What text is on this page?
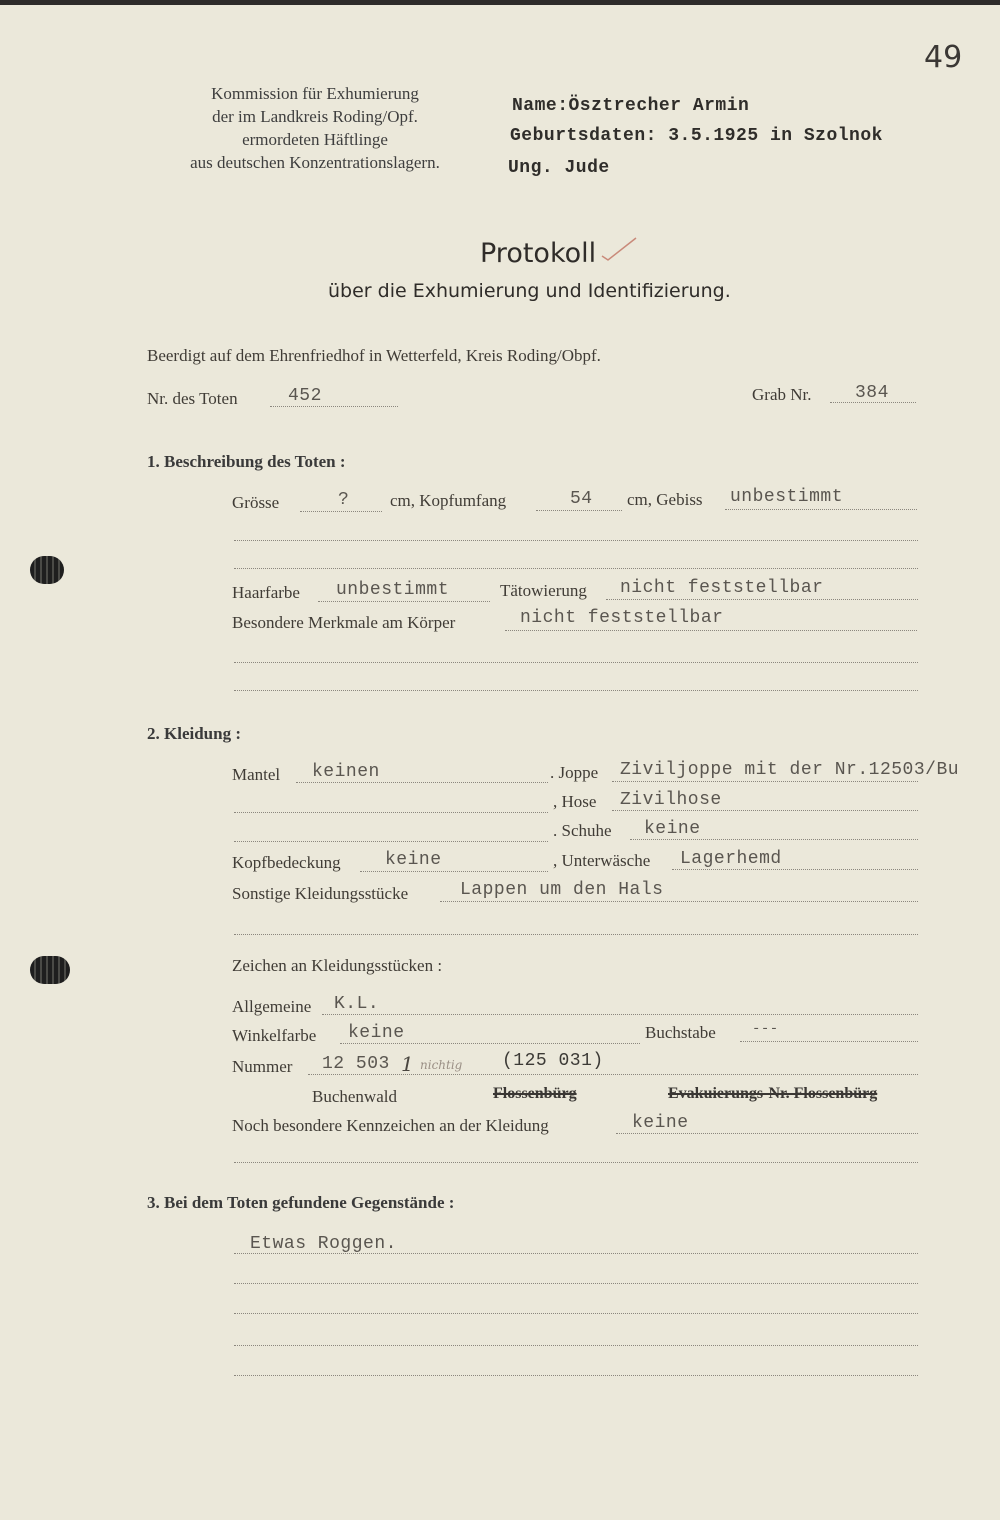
49
Kommission für Exhumierung
der im Landkreis Roding/Opf.
ermordeten Häftlinge
aus deutschen Konzentrationslagern.
Name:Ösztrecher Armin
Geburtsdaten: 3.5.1925 in Szolnok
Ung. Jude
Protokoll
über die Exhumierung und Identifizierung.
Beerdigt auf dem Ehrenfriedhof in Wetterfeld, Kreis Roding/Obpf.
Nr. des Toten	452	Grab Nr. 384
1. Beschreibung des Toten :
Grösse	? cm, Kopfumfang	54 cm, Gebiss unbestimmt
Haarfarbe unbestimmt	Tätowierung nicht feststellbar
Besondere Merkmale am Körper	nicht feststellbar
2. Kleidung :
Mantel keinen	. Joppe Ziviljoppe mit der Nr.12503/Bu
, Hose Zivilhose
. Schuhe keine
Kopfbedeckung keine	, Unterwäsche Lagerhemd
Sonstige Kleidungsstücke	Lappen um den Hals
Zeichen an Kleidungsstücken :
Allgemeine K.L.
Winkelfarbe keine	Buchstabe	---
Nummer 12 503 1 nichtig (125 031)
Buchenwald	Flossenbürg	Evakuierungs-Nr. Flossenbürg
Noch besondere Kennzeichen an der Kleidung	keine
3. Bei dem Toten gefundene Gegenstände :
Etwas Roggen.
